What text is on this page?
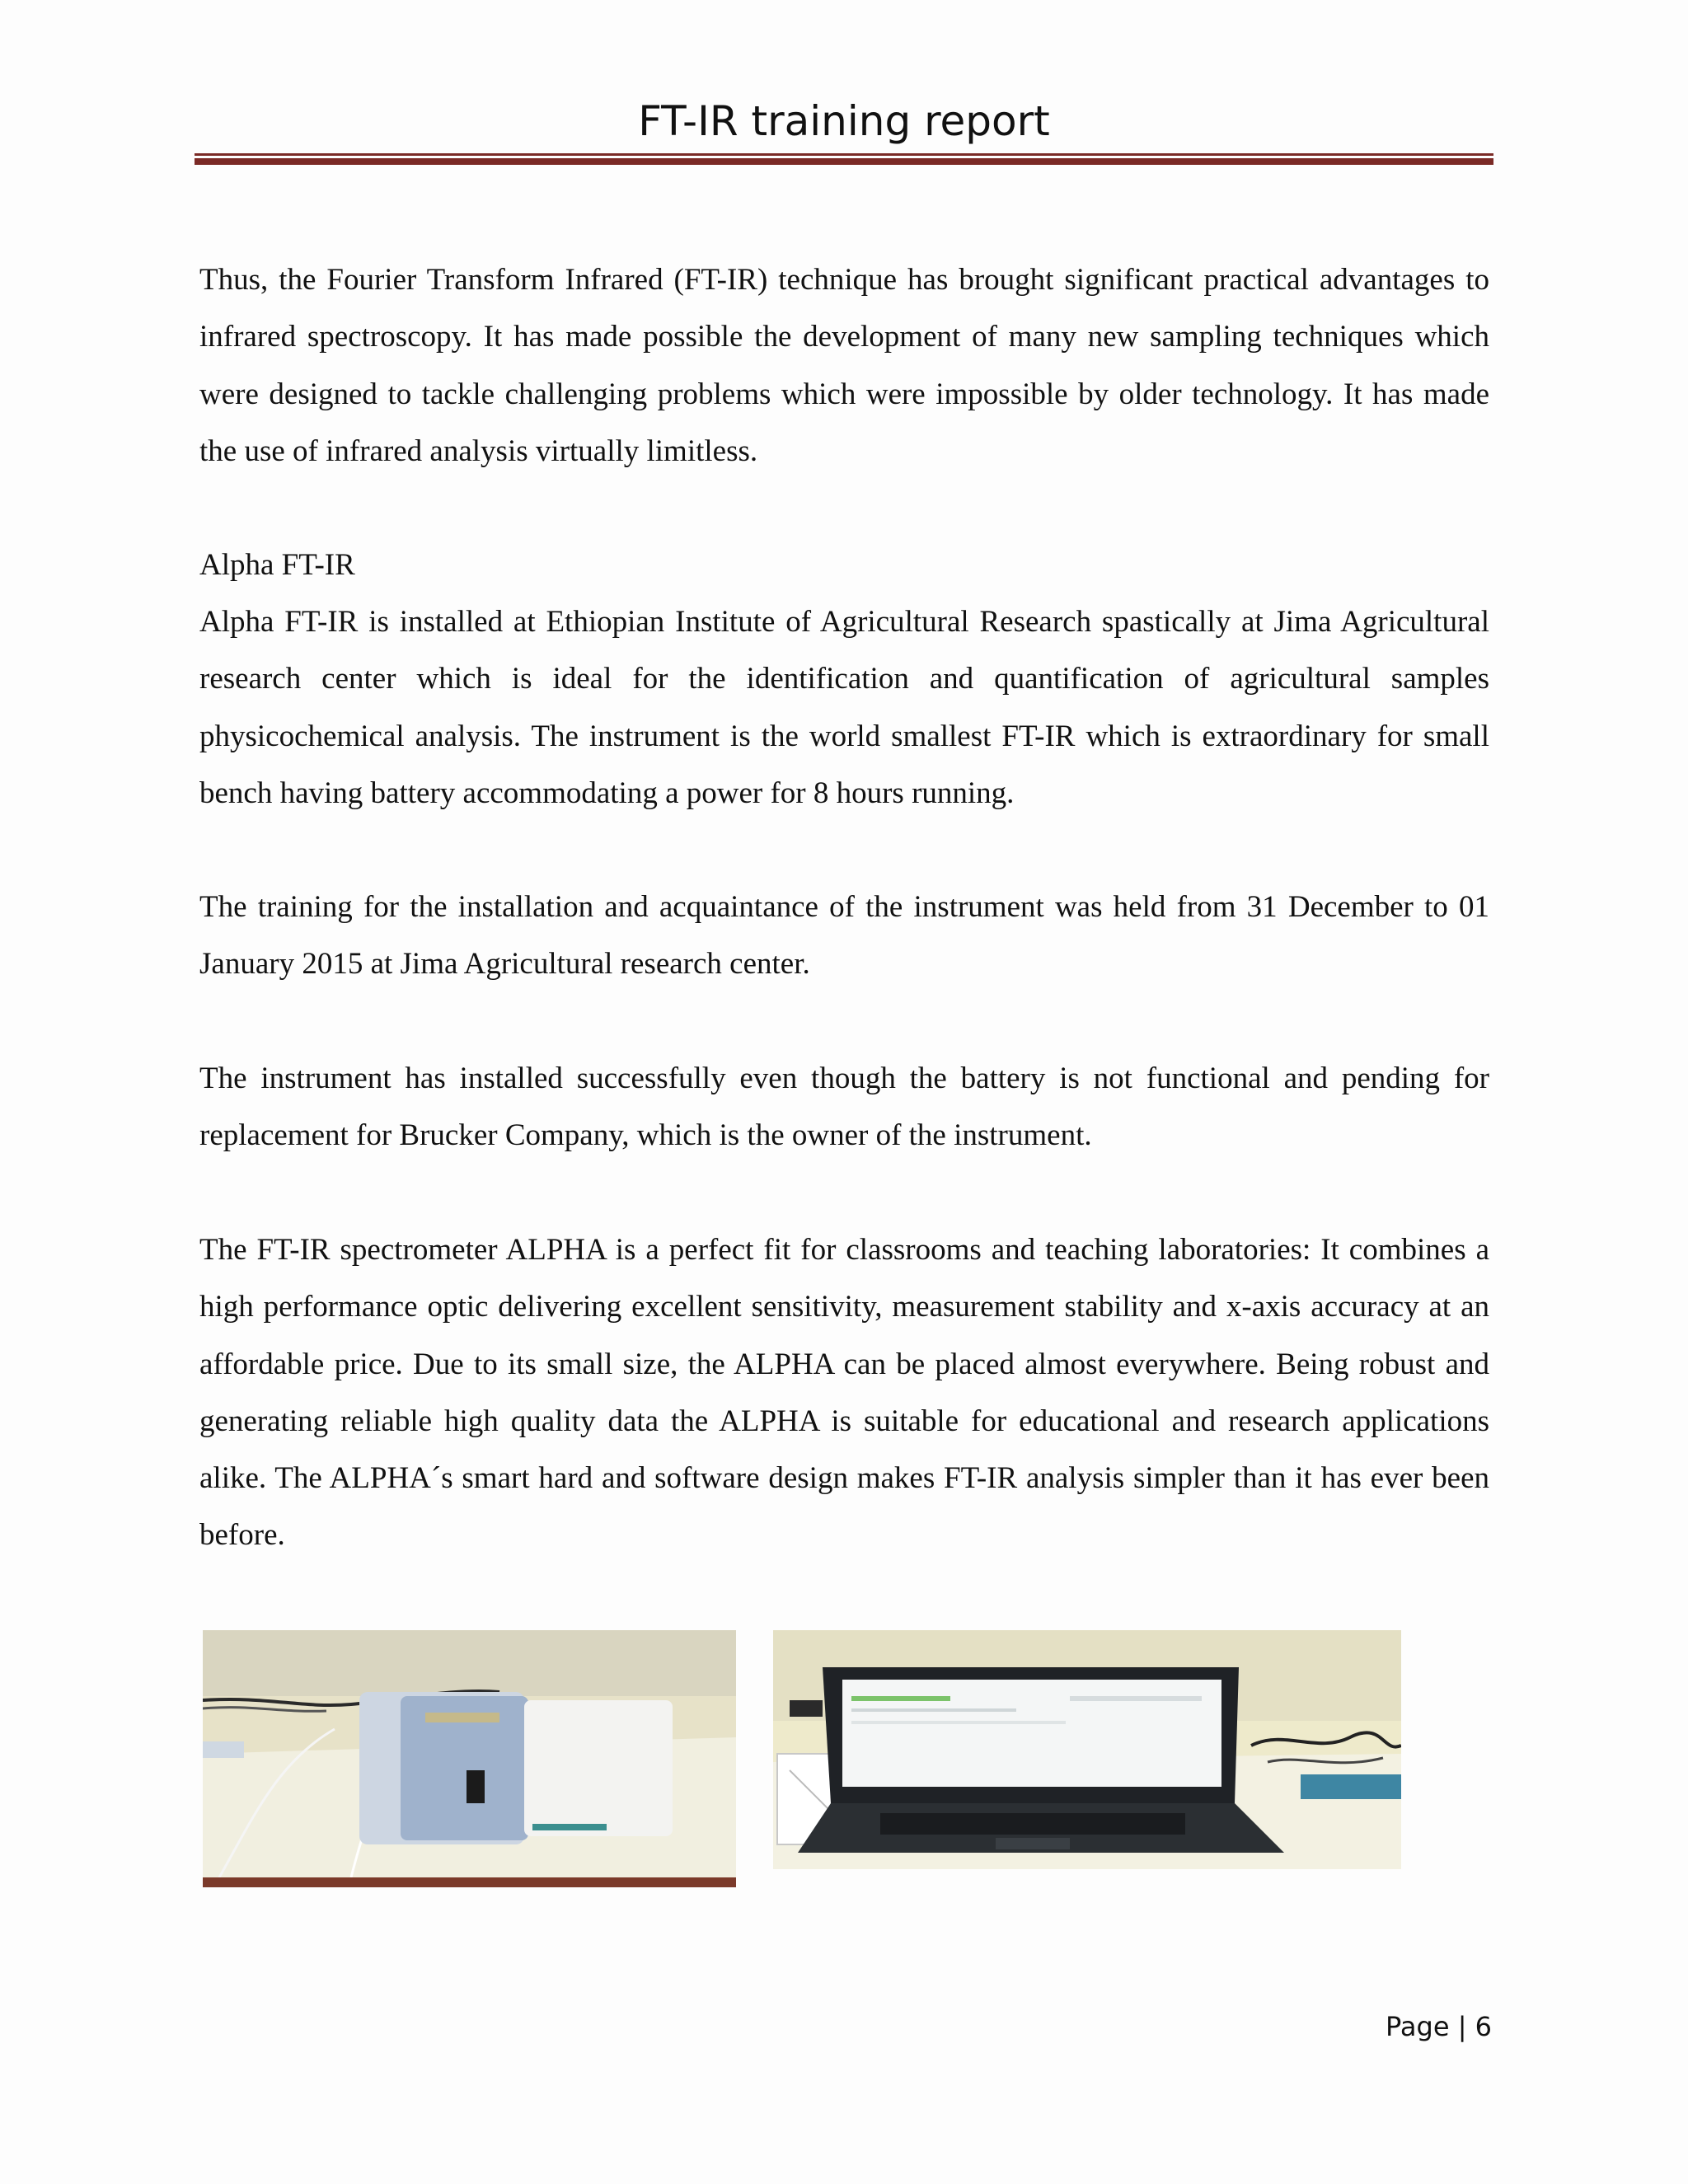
FT-IR training report

Thus, the Fourier Transform Infrared (FT-IR) technique has brought significant practical advantages to infrared spectroscopy. It has made possible the development of many new sampling techniques which were designed to tackle challenging problems which were impossible by older technology. It has made the use of infrared analysis virtually limitless.

Alpha FT-IR

Alpha FT-IR is installed at Ethiopian Institute of Agricultural Research spastically at Jima Agricultural research center which is ideal for the identification and quantification of agricultural samples physicochemical analysis. The instrument is the world smallest FT-IR which is extraordinary for small bench having battery accommodating a power for 8 hours running.

The training for the installation and acquaintance of the instrument was held from 31 December to 01 January 2015 at Jima Agricultural research center.

The instrument has installed successfully even though the battery is not functional and pending for replacement for Brucker Company, which is the owner of the instrument.

The FT-IR spectrometer ALPHA is a perfect fit for classrooms and teaching laboratories: It combines a high performance optic delivering excellent sensitivity, measurement stability and x-axis accuracy at an affordable price. Due to its small size, the ALPHA can be placed almost everywhere. Being robust and generating reliable high quality data the ALPHA is suitable for educational and research applications alike. The ALPHA´s smart hard and software design makes FT-IR analysis simpler than it has ever been before.

Page | 6
